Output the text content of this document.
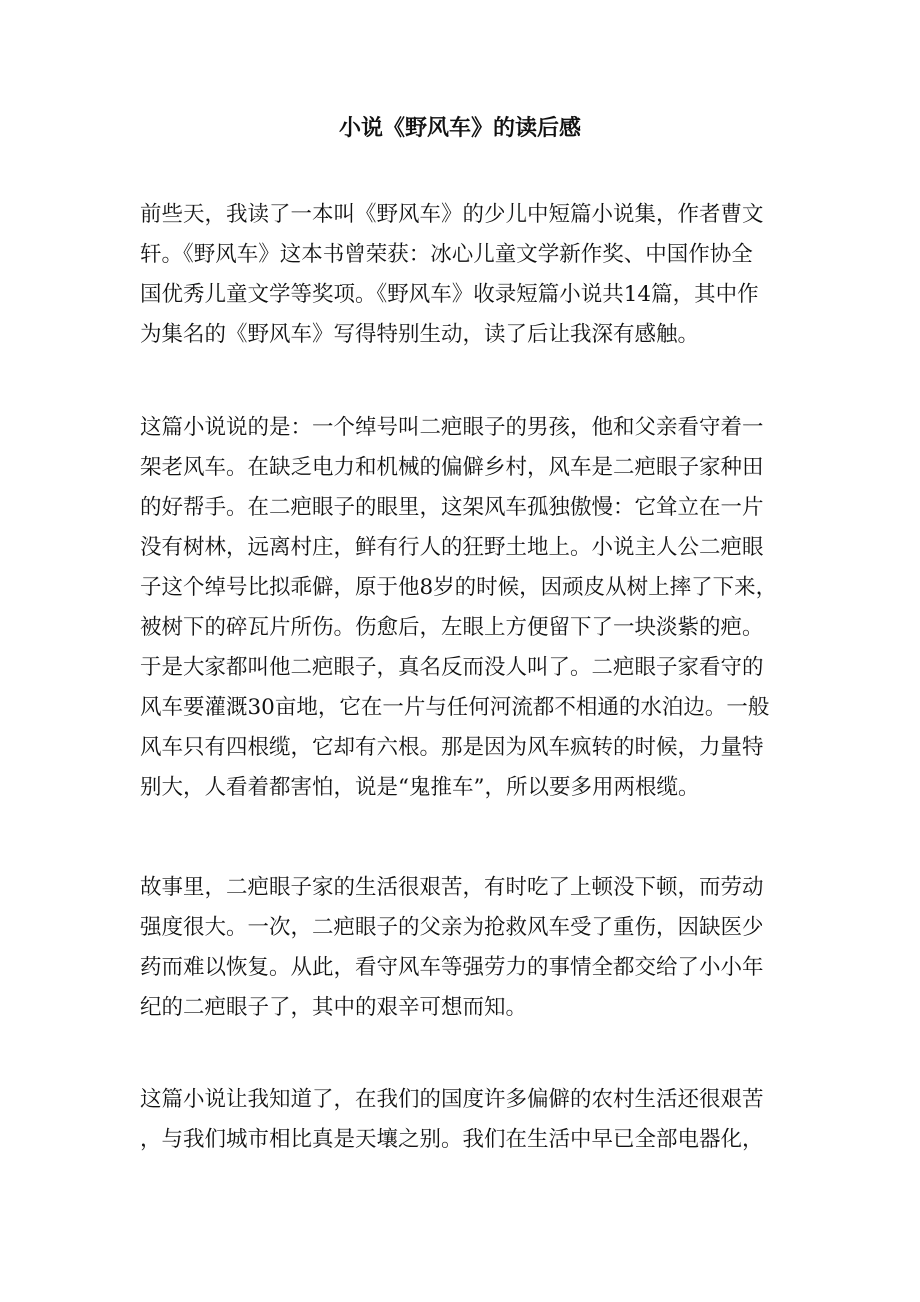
小说《野风车》的读后感
前些天，我读了一本叫《野风车》的少儿中短篇小说集，作者曹文
轩。《野风车》这本书曾荣获：冰心儿童文学新作奖、中国作协全
国优秀儿童文学等奖项。《野风车》收录短篇小说共14篇，其中作
为集名的《野风车》写得特别生动，读了后让我深有感触。
这篇小说说的是：一个绰号叫二疤眼子的男孩，他和父亲看守着一
架老风车。在缺乏电力和机械的偏僻乡村，风车是二疤眼子家种田
的好帮手。在二疤眼子的眼里，这架风车孤独傲慢：它耸立在一片
没有树林，远离村庄，鲜有行人的狂野土地上。小说主人公二疤眼
子这个绰号比拟乖僻，原于他8岁的时候，因顽皮从树上摔了下来，
被树下的碎瓦片所伤。伤愈后，左眼上方便留下了一块淡紫的疤。
于是大家都叫他二疤眼子，真名反而没人叫了。二疤眼子家看守的
风车要灌溉30亩地，它在一片与任何河流都不相通的水泊边。一般
风车只有四根缆，它却有六根。那是因为风车疯转的时候，力量特
别大，人看着都害怕，说是“鬼推车”，所以要多用两根缆。
故事里，二疤眼子家的生活很艰苦，有时吃了上顿没下顿，而劳动
强度很大。一次，二疤眼子的父亲为抢救风车受了重伤，因缺医少
药而难以恢复。从此，看守风车等强劳力的事情全都交给了小小年
纪的二疤眼子了，其中的艰辛可想而知。
这篇小说让我知道了，在我们的国度许多偏僻的农村生活还很艰苦
，与我们城市相比真是天壤之别。我们在生活中早已全部电器化，
